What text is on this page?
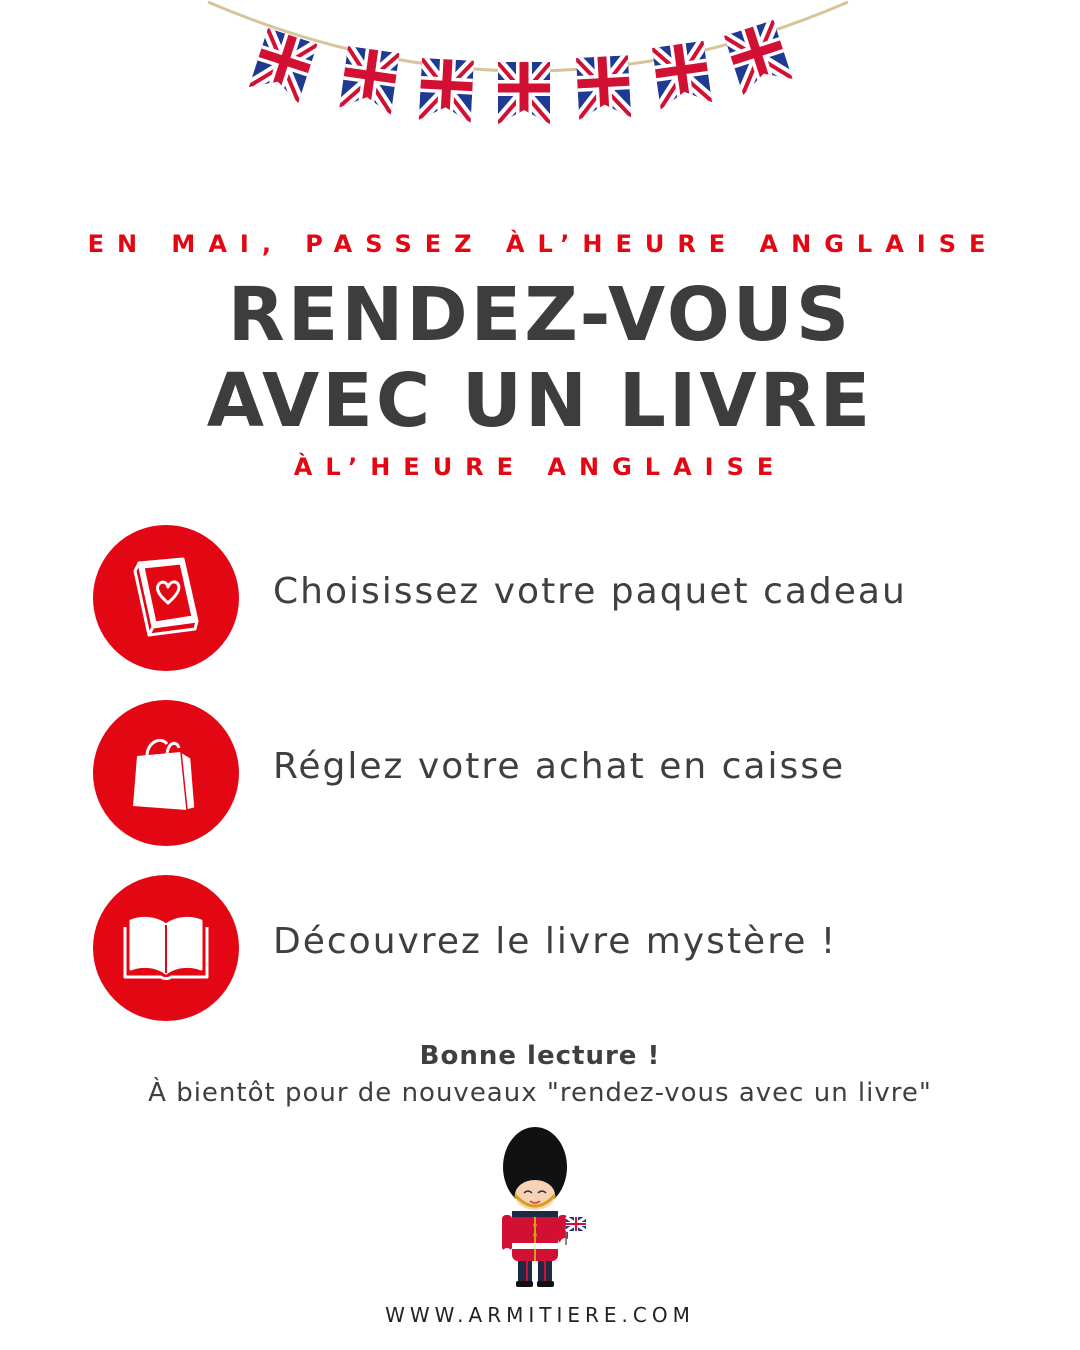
EN MAI, PASSEZ ÀL’HEURE ANGLAISE
RENDEZ-VOUS
AVEC UN LIVRE
ÀL’HEURE ANGLAISE
Choisissez votre paquet cadeau
Réglez votre achat en caisse
Découvrez le livre mystère !
Bonne lecture !
À bientôt pour de nouveaux "rendez-vous avec un livre"
WWW.ARMITIERE.COM
